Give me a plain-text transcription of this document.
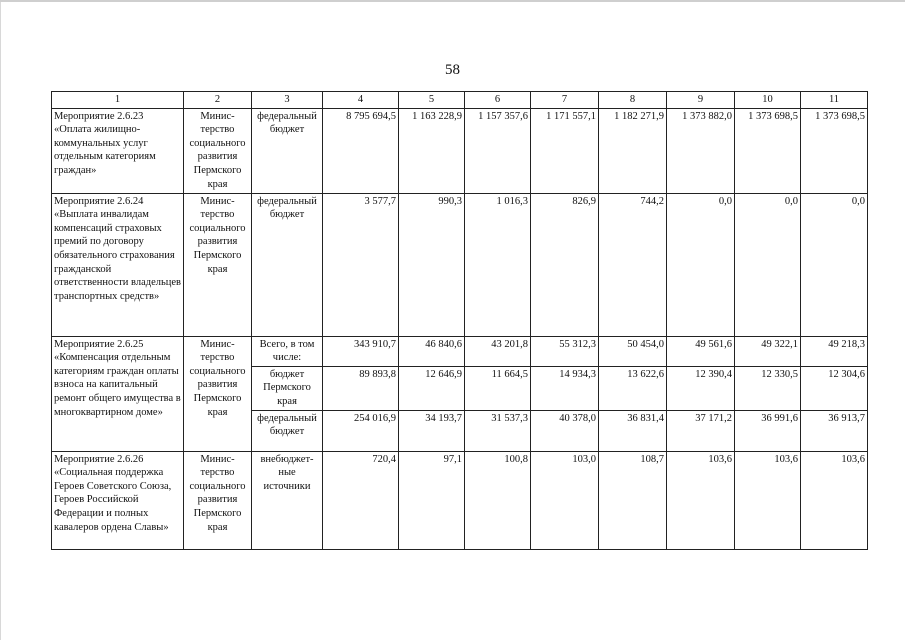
58
1	2	3	4	5	6	7	8	9	10	11
Мероприятие 2.6.23 «Оплата жилищно-коммунальных услуг отдельным категориям граждан»	Минис-терство социального развития Пермского края	федеральный бюджет	8 795 694,5	1 163 228,9	1 157 357,6	1 171 557,1	1 182 271,9	1 373 882,0	1 373 698,5	1 373 698,5
Мероприятие 2.6.24 «Выплата инвалидам компенсаций страховых премий по договору обязательного страхования гражданской ответственности владельцев транспортных средств»	Минис-терство социального развития Пермского края	федеральный бюджет	3 577,7	990,3	1 016,3	826,9	744,2	0,0	0,0	0,0
Мероприятие 2.6.25 «Компенсация отдельным категориям граждан оплаты взноса на капитальный ремонт общего имущества в многоквартирном доме»	Минис-терство социального развития Пермского края	Всего, в том числе:	343 910,7	46 840,6	43 201,8	55 312,3	50 454,0	49 561,6	49 322,1	49 218,3
		бюджет Пермского края	89 893,8	12 646,9	11 664,5	14 934,3	13 622,6	12 390,4	12 330,5	12 304,6
		федеральный бюджет	254 016,9	34 193,7	31 537,3	40 378,0	36 831,4	37 171,2	36 991,6	36 913,7
Мероприятие 2.6.26 «Социальная поддержка Героев Советского Союза, Героев Российской Федерации и полных кавалеров ордена Славы»	Минис-терство социального развития Пермского края	внебюджет-ные источники	720,4	97,1	100,8	103,0	108,7	103,6	103,6	103,6
